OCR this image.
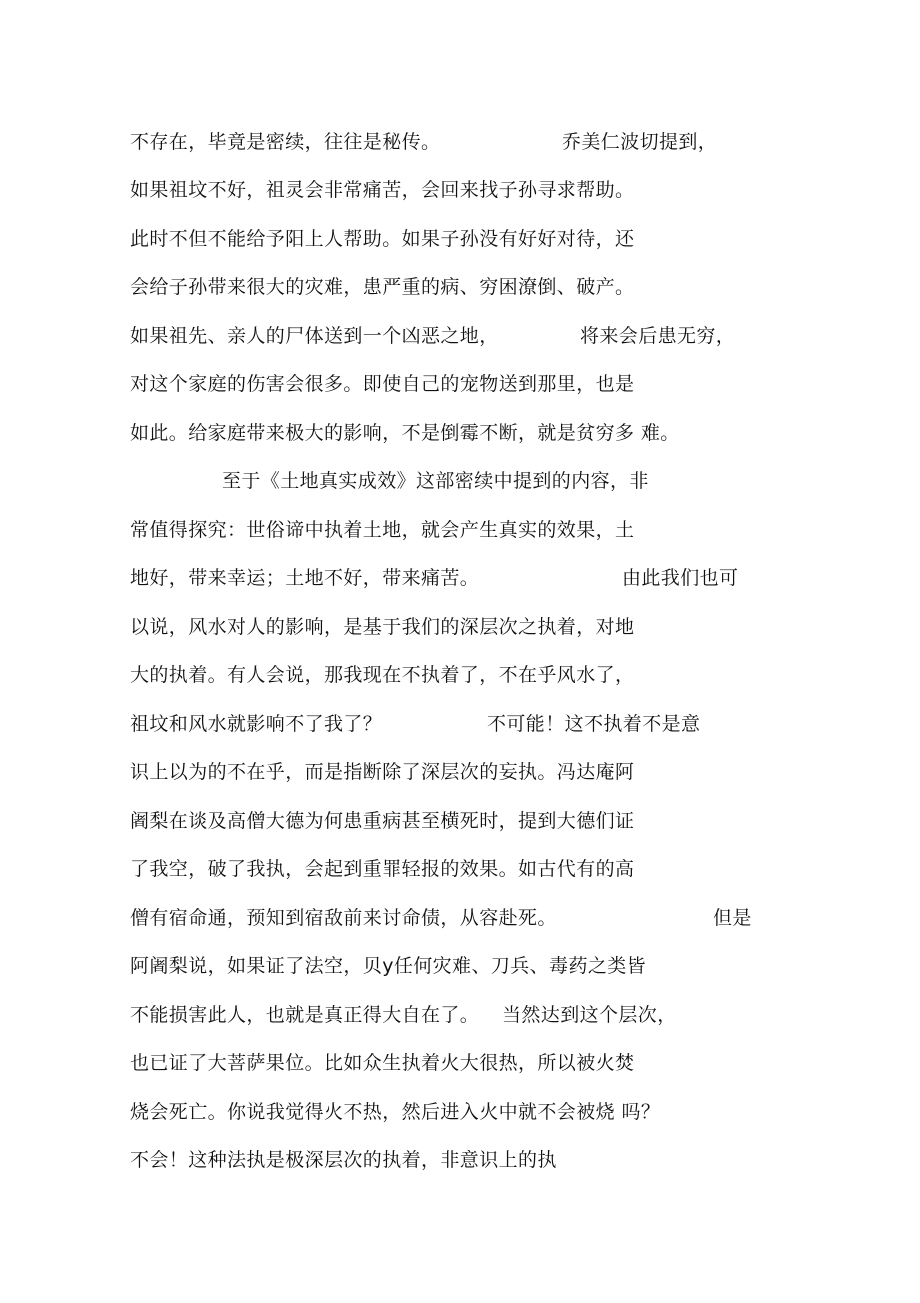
不存在，毕竟是密续，往往是秘传。

	乔美仁波切提到，

如果祖坟不好，祖灵会非常痛苦，会回来找子孙寻求帮助。

此时不但不能给予阳上人帮助。如果子孙没有好好对待，还

会给子孙带来很大的灾难，患严重的病、穷困潦倒、破产。

如果祖先、亲人的尸体送到一个凶恶之地，

	将来会后患无穷，

对这个家庭的伤害会很多。即使自己的宠物送到那里，也是

如此。给家庭带来极大的影响，不是倒霉不断，就是贫穷多 难。

至于《土地真实成效》这部密续中提到的内容，非

常值得探究：世俗谛中执着土地，就会产生真实的效果，土

地好，带来幸运；土地不好，带来痛苦。

	由此我们也可

以说，风水对人的影响，是基于我们的深层次之执着，对地

大的执着。有人会说，那我现在不执着了，不在乎风水了，

祖坟和风水就影响不了我了？

	不可能！这不执着不是意

识上以为的不在乎，而是指断除了深层次的妄执。冯达庵阿

阇梨在谈及高僧大德为何患重病甚至横死时，提到大德们证

了我空，破了我执，会起到重罪轻报的效果。如古代有的高

僧有宿命通，预知到宿敌前来讨命债，从容赴死。

	但是

阿阇梨说，如果证了法空，贝y任何灾难、刀兵、毒药之类皆

不能损害此人，也就是真正得大自在了。

当然达到这个层次，

也已证了大菩萨果位。比如众生执着火大很热，所以被火焚

烧会死亡。你说我觉得火不热，然后进入火中就不会被烧 吗？

不会！这种法执是极深层次的执着，非意识上的执
